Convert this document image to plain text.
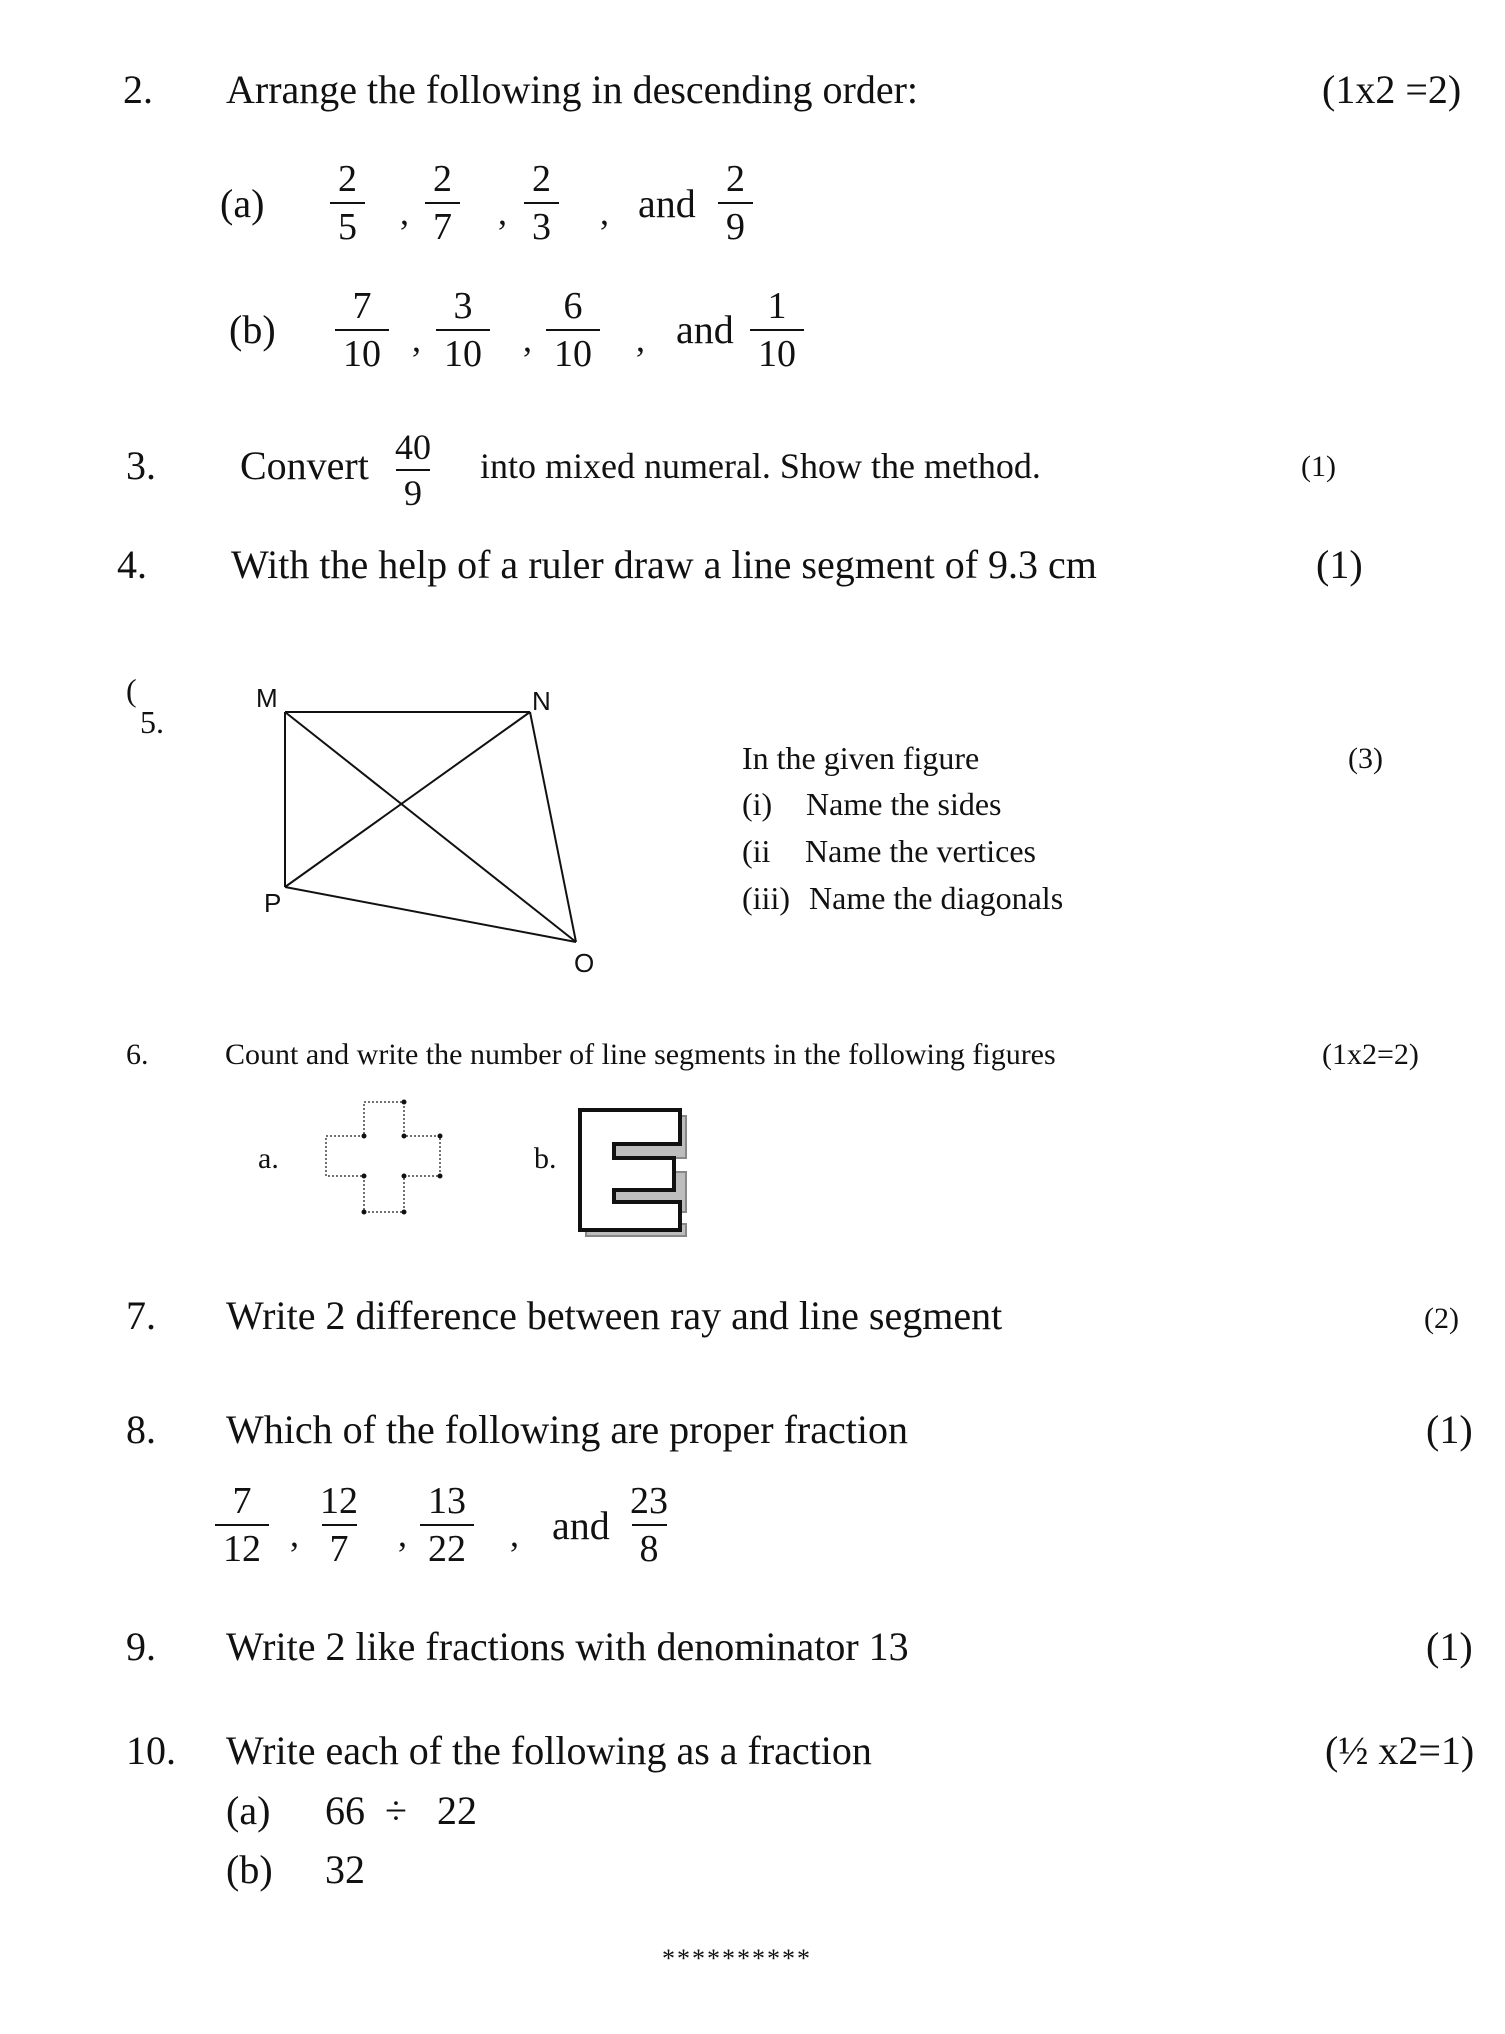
2. Arrange the following in descending order:	(1x2 =2)
$(a) \frac{2}{5}$ , $\frac{2}{7}$ , $\frac{2}{3}$ , and $\frac{2}{9}$
$(b) \frac{7}{10}$ , $\frac{3}{10}$ , $\frac{6}{10}$ , and $\frac{1}{10}$
3. Convert $\frac{40}{9}$ into mixed numeral. Show the method.	(1)
4. With the help of a ruler draw a line segment of 9.3 cm	(1)
(
5.
M	N
P
O
In the given figure	(3)
(i) Name the sides
(ii Name the vertices
(iii) Name the diagonals
6.	Count and write the number of line segments in the following figures	(1x2=2)
a.	b.
7. Write 2 difference between ray and line segment	(2)
8. Which of the following are proper fraction	(1)
$\frac{7}{12}$ , $\frac{12}{7}$ , $\frac{13}{22}$ , and $\frac{23}{8}$
9. Write 2 like fractions with denominator 13	(1)
10. Write each of the following as a fraction	(½ x2=1)
(a) 66  ÷   22
(b) 32
**********
